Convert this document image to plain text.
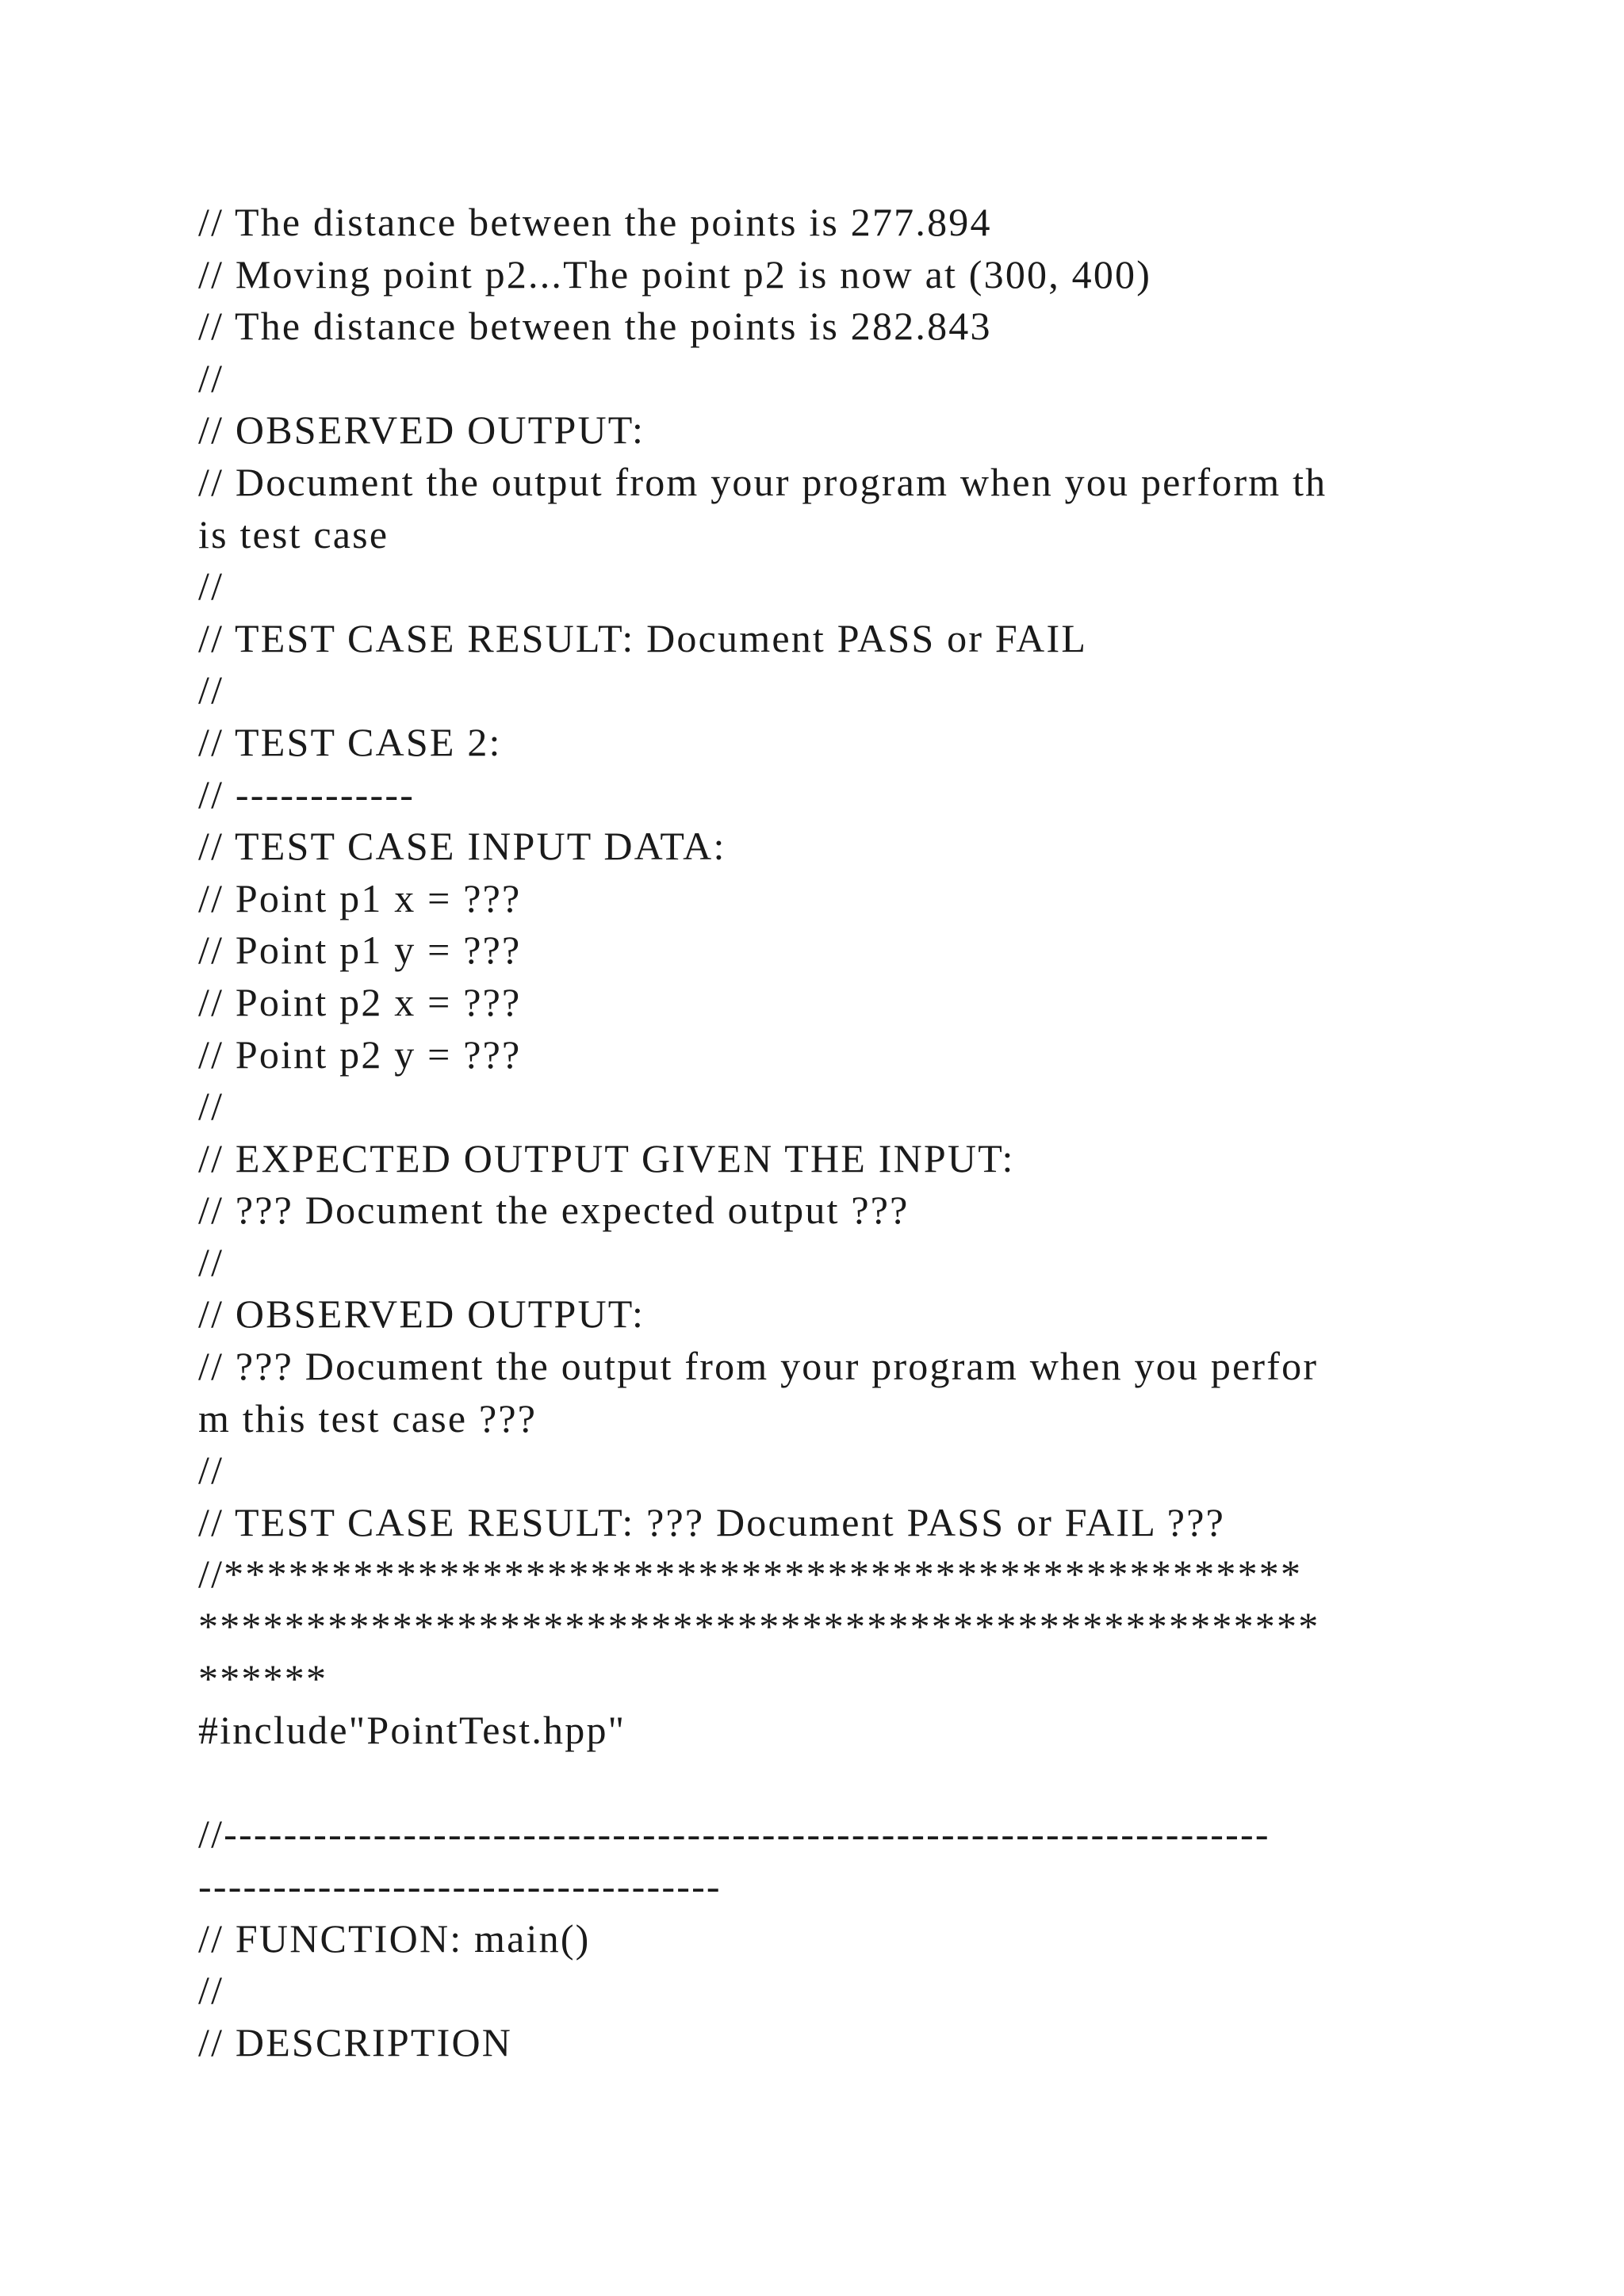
// The distance between the points is 277.894
// Moving point p2...The point p2 is now at (300, 400)
// The distance between the points is 282.843
//
// OBSERVED OUTPUT:
// Document the output from your program when you perform th
is test case
//
// TEST CASE RESULT: Document PASS or FAIL
//
// TEST CASE 2:
// ------------
// TEST CASE INPUT DATA:
// Point p1 x = ???
// Point p1 y = ???
// Point p2 x = ???
// Point p2 y = ???
//
// EXPECTED OUTPUT GIVEN THE INPUT:
// ??? Document the expected output ???
//
// OBSERVED OUTPUT:
// ??? Document the output from your program when you perfor
m this test case ???
//
// TEST CASE RESULT: ??? Document PASS or FAIL ???
//**************************************************
****************************************************
******
#include"PointTest.hpp"
//----------------------------------------------------------------------
-----------------------------------
// FUNCTION: main()
//
// DESCRIPTION
